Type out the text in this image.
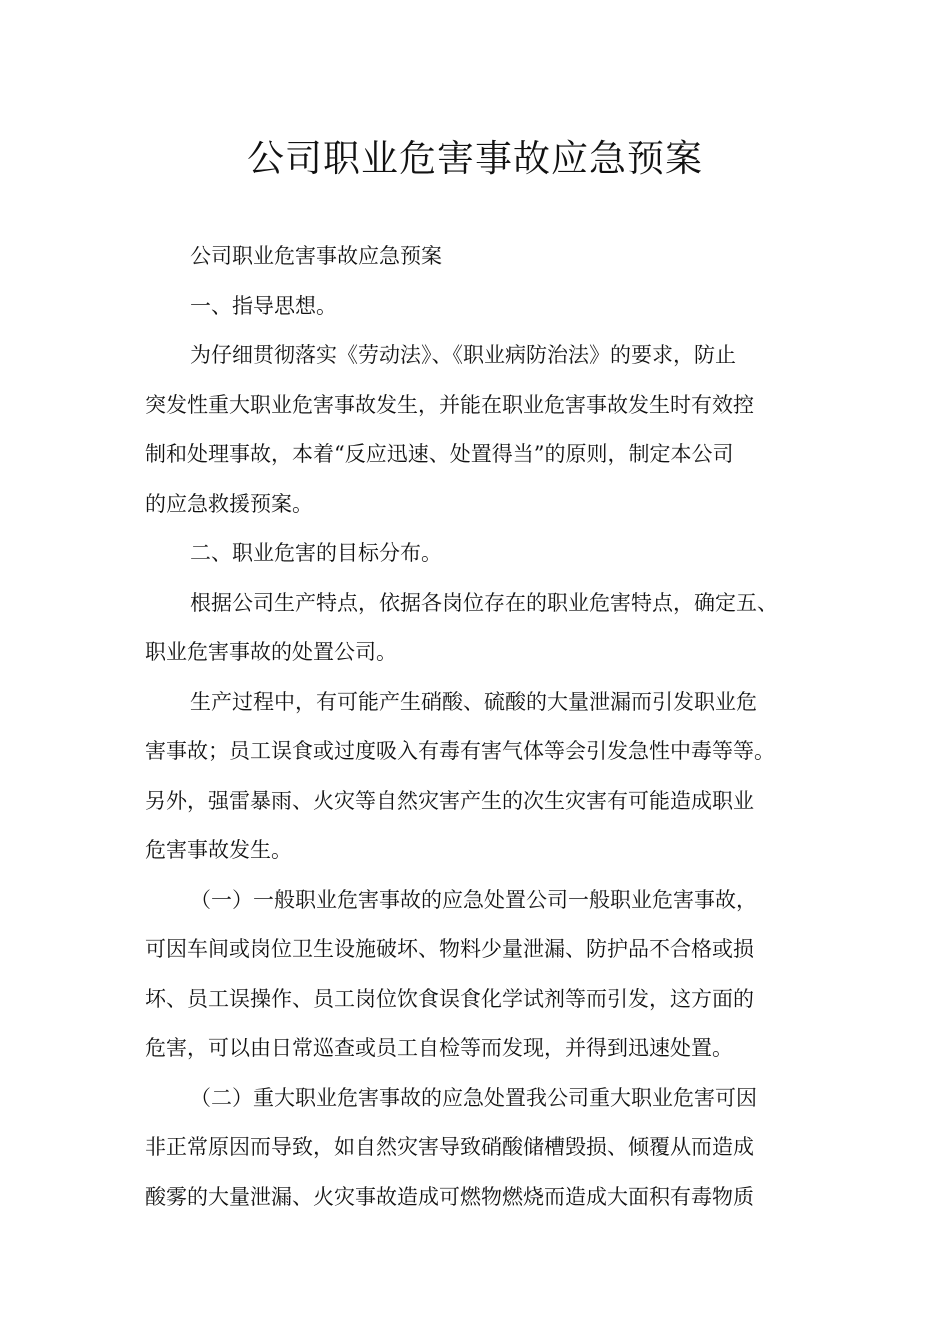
公司职业危害事故应急预案
公司职业危害事故应急预案
一、指导思想。
为仔细贯彻落实《劳动法》、《职业病防治法》的要求，防止
突发性重大职业危害事故发生，并能在职业危害事故发生时有效控
制和处理事故，本着“反应迅速、处置得当”的原则，制定本公司
的应急救援预案。
二、职业危害的目标分布。
根据公司生产特点，依据各岗位存在的职业危害特点，确定五、
职业危害事故的处置公司。
生产过程中，有可能产生硝酸、硫酸的大量泄漏而引发职业危
害事故；员工误食或过度吸入有毒有害气体等会引发急性中毒等等。
另外，强雷暴雨、火灾等自然灾害产生的次生灾害有可能造成职业
危害事故发生。
（一）一般职业危害事故的应急处置公司一般职业危害事故，
可因车间或岗位卫生设施破坏、物料少量泄漏、防护品不合格或损
坏、员工误操作、员工岗位饮食误食化学试剂等而引发，这方面的
危害，可以由日常巡查或员工自检等而发现，并得到迅速处置。
（二）重大职业危害事故的应急处置我公司重大职业危害可因
非正常原因而导致，如自然灾害导致硝酸储槽毁损、倾覆从而造成
酸雾的大量泄漏、火灾事故造成可燃物燃烧而造成大面积有毒物质
